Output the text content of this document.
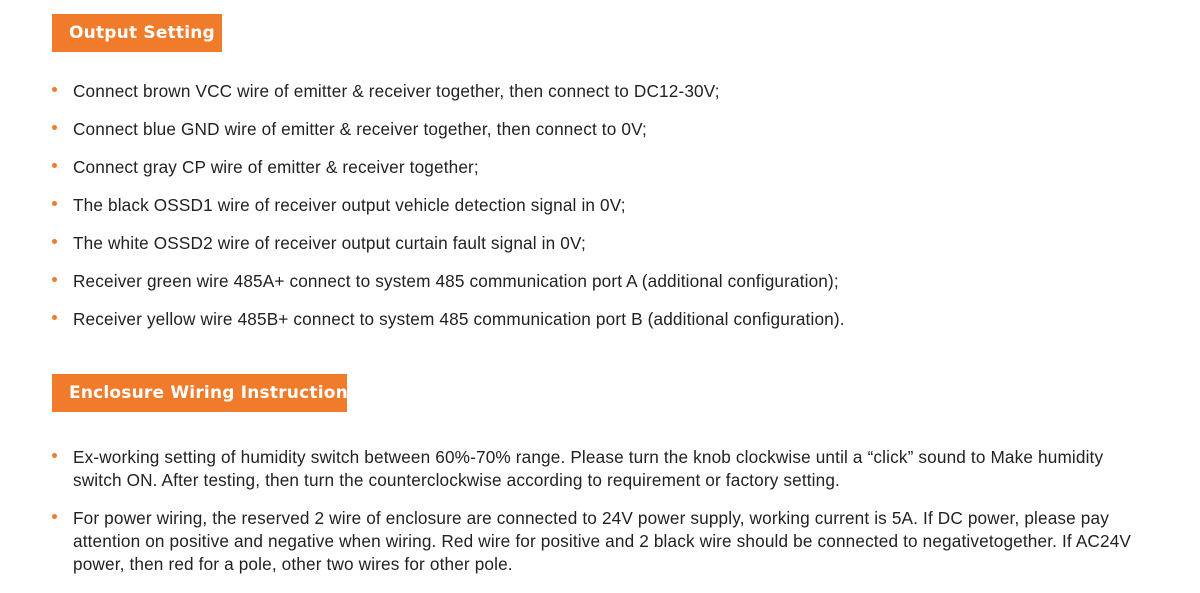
Output Setting
Connect brown VCC wire of emitter & receiver together, then connect to DC12-30V;
Connect blue GND wire of emitter & receiver together, then connect to 0V;
Connect gray CP wire of emitter & receiver together;
The black OSSD1 wire of receiver output vehicle detection signal in 0V;
The white OSSD2 wire of receiver output curtain fault signal in 0V;
Receiver green wire 485A+ connect to system 485 communication port A (additional configuration);
Receiver yellow wire 485B+ connect to system 485 communication port B (additional configuration).
Enclosure Wiring Instruction
Ex-working setting of humidity switch between 60%-70% range. Please turn the knob clockwise until a “click” sound to Make humidity switch ON. After testing, then turn the counterclockwise according to requirement or factory setting.
For power wiring, the reserved 2 wire of enclosure are connected to 24V power supply, working current is 5A. If DC power, please pay attention on positive and negative when wiring. Red wire for positive and 2 black wire should be connected to negativetogether. If AC24V power, then red for a pole, other two wires for other pole.
